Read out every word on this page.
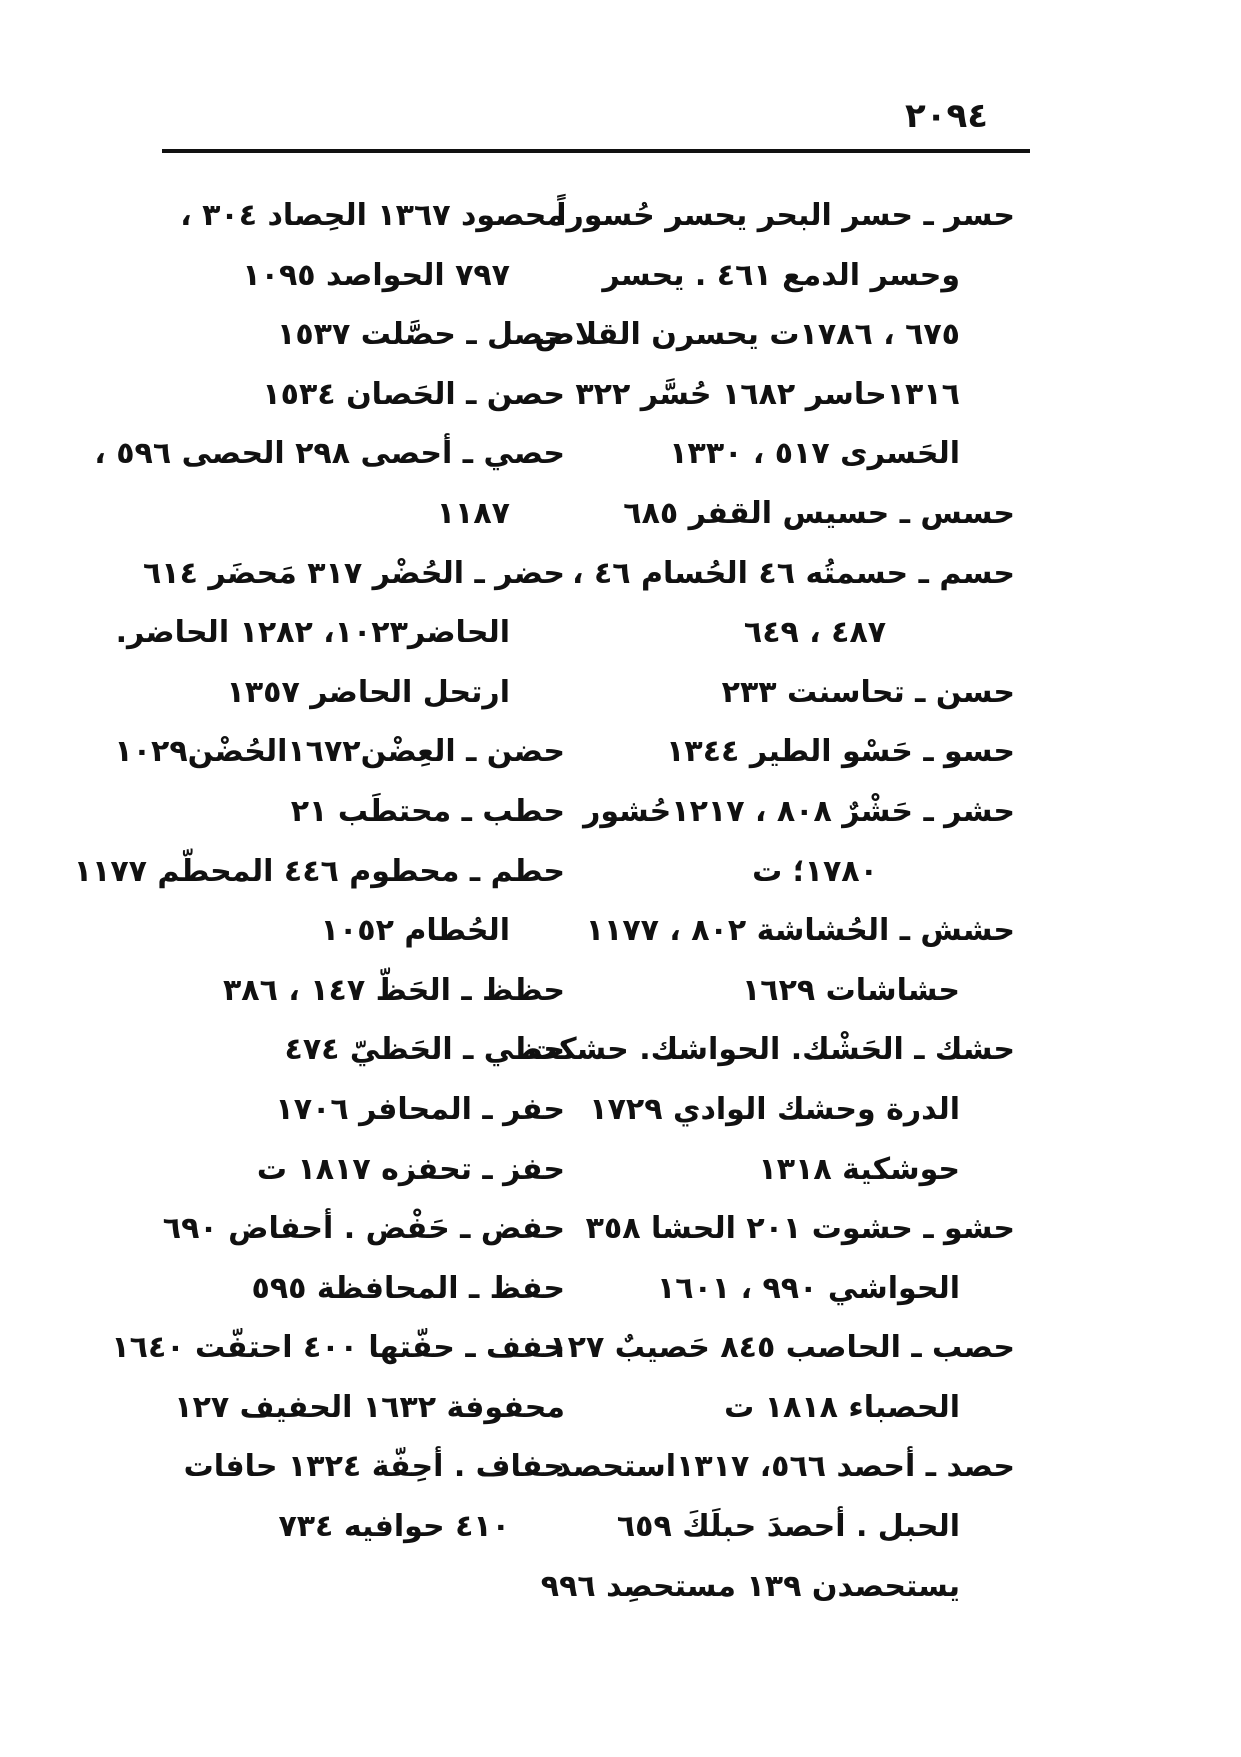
٢٠٩٤
حسر ـ حسر البحر يحسر حُسوراً
وحسر الدمع ٤٦١ . يحسر
٦٧٥ ، ١٧٨٦ت يحسرن القلاص
١٣١٦حاسر ١٦٨٢ حُسَّر ٣٢٢
الحَسرى ٥١٧ ، ١٣٣٠
حسس ـ حسيس القفر ٦٨٥
حسم ـ حسمتُه ٤٦ الحُسام ٤٦ ،
٤٨٧ ، ٦٤٩
حسن ـ تحاسنت ٢٣٣
حسو ـ حَسْو الطير ١٣٤٤
حشر ـ حَشْرٌ ٨٠٨ ، ١٢١٧حُشور
١٧٨٠؛ ت
حشش ـ الحُشاشة ٨٠٢ ، ١١٧٧
حشاشات ١٦٢٩
حشك ـ الحَشْك. الحواشك. حشكت
الدرة وحشك الوادي ١٧٢٩
حوشكية ١٣١٨
حشو ـ حشوت ٢٠١ الحشا ٣٥٨
الحواشي ٩٩٠ ، ١٦٠١
حصب ـ الحاصب ٨٤٥ حَصيبٌ ١٢٧
الحصباء ١٨١٨ ت
حصد ـ أحصد ٥٦٦، ١٣١٧استحصد
الحبل . أحصدَ حبلَكَ ٦٥٩
يستحصدن ١٣٩ مستحصِد ٩٩٦
محصود ١٣٦٧ الحِصاد ٣٠٤ ،
٧٩٧ الحواصد ١٠٩٥
حصل ـ حصَّلت ١٥٣٧
حصن ـ الحَصان ١٥٣٤
حصي ـ أحصى ٢٩٨ الحصى ٥٩٦ ،
١١٨٧
حضر ـ الحُضْر ٣١٧ مَحضَر ٦١٤
الحاضر١٠٢٣، ١٢٨٢ الحاضر.
ارتحل الحاضر ١٣٥٧
حضن ـ العِضْن١٦٧٢الحُضْن١٠٢٩
حطب ـ محتطَب ٢١
حطم ـ محطوم ٤٤٦ المحطّم ١١٧٧
الحُطام ١٠٥٢
حظظ ـ الحَظّ ١٤٧ ، ٣٨٦
حظي ـ الحَظيّ ٤٧٤
حفر ـ المحافر ١٧٠٦
حفز ـ تحفزه ١٨١٧ ت
حفض ـ حَفْض . أحفاض ٦٩٠
حفظ ـ المحافظة ٥٩٥
حفف ـ حفّتها ٤٠٠ احتفّت ١٦٤٠
محفوفة ١٦٣٢ الحفيف ١٢٧
حفاف . أحِفّة ١٣٢٤ حافات
٤١٠ حوافيه ٧٣٤
